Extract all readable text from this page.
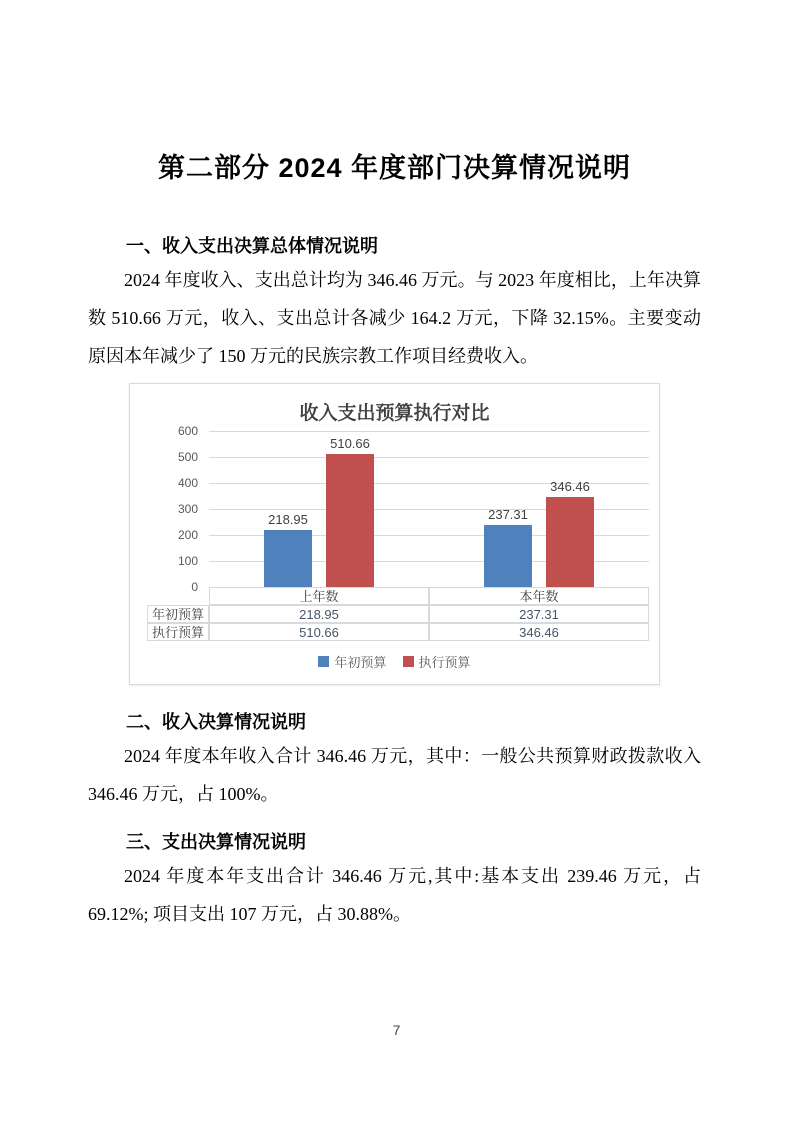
第二部分 2024 年度部门决算情况说明
一、收入支出决算总体情况说明

2024 年度收入、支出总计均为 346.46 万元。与 2023 年度相比，上年决算数 510.66 万元，收入、支出总计各减少 164.2 万元，下降 32.15%。主要变动原因本年减少了 150 万元的民族宗教工作项目经费收入。

收入支出预算执行对比
年初预算 执行预算
0
100
200
300
400
500
600
218.95	237.31
510.66
346.46
上年数	本年数
年初预算	218.95	237.31
执行预算	510.66	346.46
二、收入决算情况说明

2024 年度本年收入合计 346.46 万元，其中：一般公共预算财政拨款收入 346.46 万元，占 100%。

三、支出决算情况说明

2024 年度本年支出合计 346.46 万元,其中:基本支出 239.46 万元，占 69.12%; 项目支出 107 万元，占 30.88%。

7
